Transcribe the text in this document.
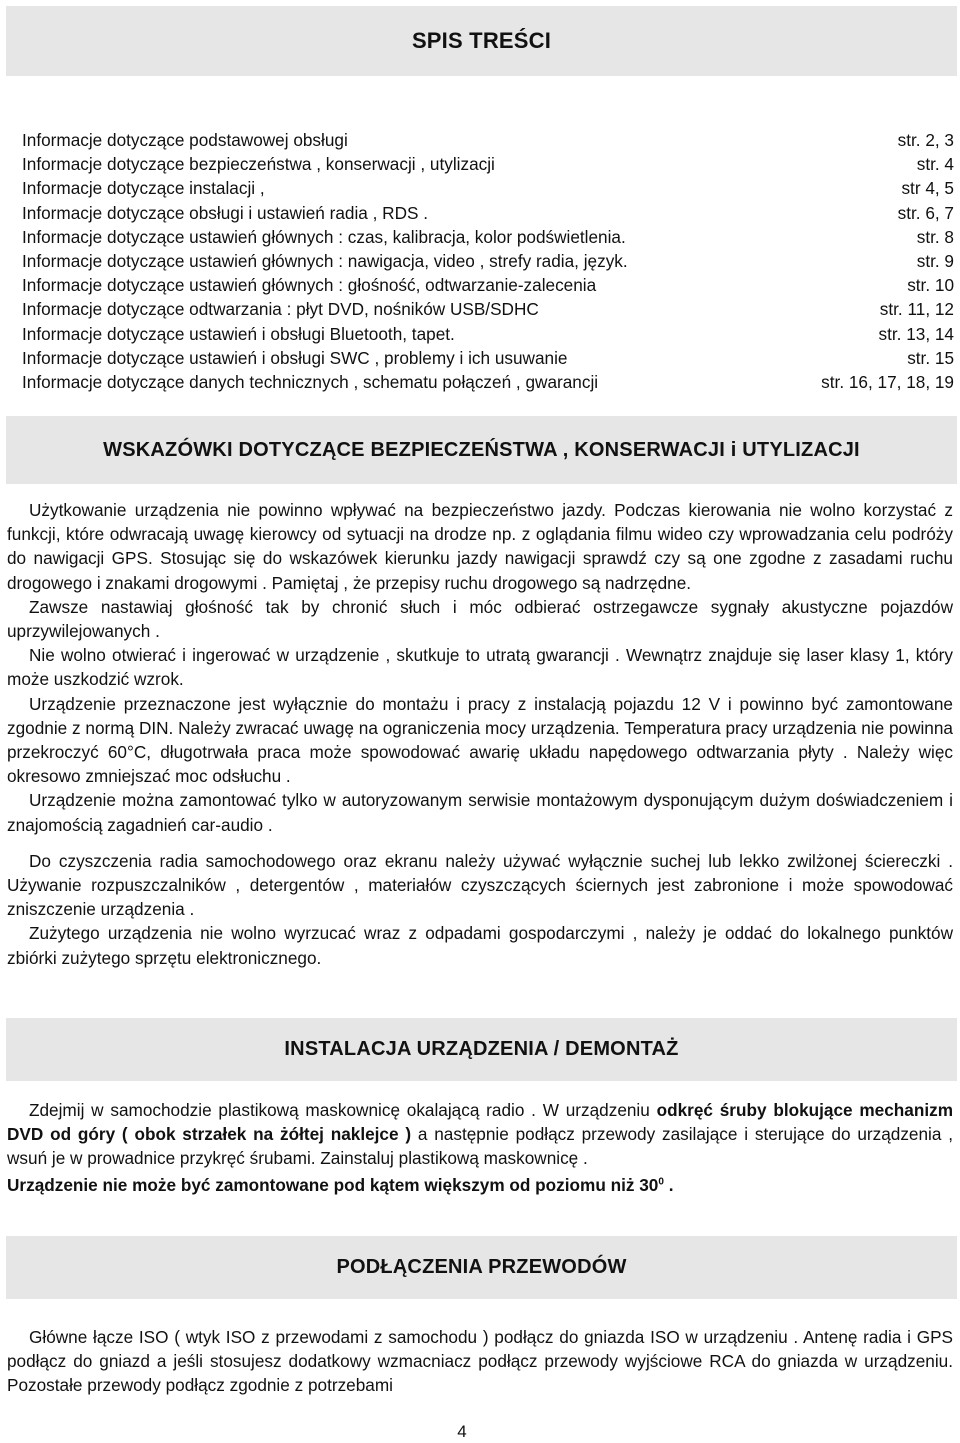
SPIS TREŚCI
Informacje dotyczące podstawowej obsługi	str. 2, 3
Informacje dotyczące bezpieczeństwa , konserwacji , utylizacji	str. 4
Informacje dotyczące instalacji ,	str 4, 5
Informacje dotyczące obsługi i ustawień radia , RDS .	str. 6, 7
Informacje dotyczące ustawień głównych : czas, kalibracja, kolor podświetlenia.	str. 8
Informacje dotyczące ustawień głównych : nawigacja, video , strefy radia, język.	str. 9
Informacje dotyczące ustawień głównych : głośność, odtwarzanie-zalecenia	str. 10
Informacje dotyczące odtwarzania : płyt DVD, nośników USB/SDHC	str. 11, 12
Informacje dotyczące ustawień i obsługi Bluetooth, tapet.	str. 13, 14
Informacje dotyczące ustawień i obsługi SWC , problemy i ich usuwanie	str. 15
Informacje dotyczące danych technicznych , schematu połączeń , gwarancji	str. 16, 17, 18, 19
WSKAZÓWKI DOTYCZĄCE BEZPIECZEŃSTWA , KONSERWACJI i UTYLIZACJI

Użytkowanie urządzenia nie powinno wpływać na bezpieczeństwo jazdy. Podczas kierowania nie wolno korzystać z funkcji, które odwracają uwagę kierowcy od sytuacji na drodze np. z oglądania filmu wideo czy wprowadzania celu podróży do nawigacji GPS. Stosując się do wskazówek kierunku jazdy nawigacji sprawdź czy są one zgodne z zasadami ruchu drogowego i znakami drogowymi . Pamiętaj , że przepisy ruchu drogowego są nadrzędne.

Zawsze nastawiaj głośność tak by chronić słuch i móc odbierać ostrzegawcze sygnały akustyczne pojazdów uprzywilejowanych .

Nie wolno otwierać i ingerować w urządzenie , skutkuje to utratą gwarancji . Wewnątrz znajduje się laser klasy 1, który może uszkodzić wzrok.

Urządzenie przeznaczone jest wyłącznie do montażu i pracy z instalacją pojazdu 12 V i powinno być zamontowane zgodnie z normą DIN. Należy zwracać uwagę na ograniczenia mocy urządzenia. Temperatura pracy urządzenia nie powinna przekroczyć 60°C, długotrwała praca może spowodować awarię układu napędowego odtwarzania płyty . Należy więc okresowo zmniejszać moc odsłuchu .

Urządzenie można zamontować tylko w autoryzowanym serwisie montażowym dysponującym dużym doświadczeniem i znajomością zagadnień car-audio .

Do czyszczenia radia samochodowego oraz ekranu należy używać wyłącznie suchej lub lekko zwilżonej ściereczki . Używanie rozpuszczalników , detergentów , materiałów czyszczących ściernych jest zabronione i może spowodować zniszczenie urządzenia .

Zużytego urządzenia nie wolno wyrzucać wraz z odpadami gospodarczymi , należy je oddać do lokalnego punktów zbiórki zużytego sprzętu elektronicznego.

INSTALACJA URZĄDZENIA / DEMONTAŻ

Zdejmij w samochodzie plastikową maskownicę okalającą radio . W urządzeniu odkręć śruby blokujące mechanizm DVD od góry ( obok strzałek na żółtej naklejce ) a następnie podłącz przewody zasilające i sterujące do urządzenia , wsuń je w prowadnice przykręć śrubami. Zainstaluj plastikową maskownicę .

Urządzenie nie może być zamontowane pod kątem większym od poziomu niż $30^0$ .

PODŁĄCZENIA PRZEWODÓW

Główne łącze ISO ( wtyk ISO z przewodami z samochodu ) podłącz do gniazda ISO w urządzeniu . Antenę radia i GPS podłącz do gniazd a jeśli stosujesz dodatkowy wzmacniacz podłącz przewody wyjściowe RCA do gniazda w urządzeniu. Pozostałe przewody podłącz zgodnie z potrzebami

4
